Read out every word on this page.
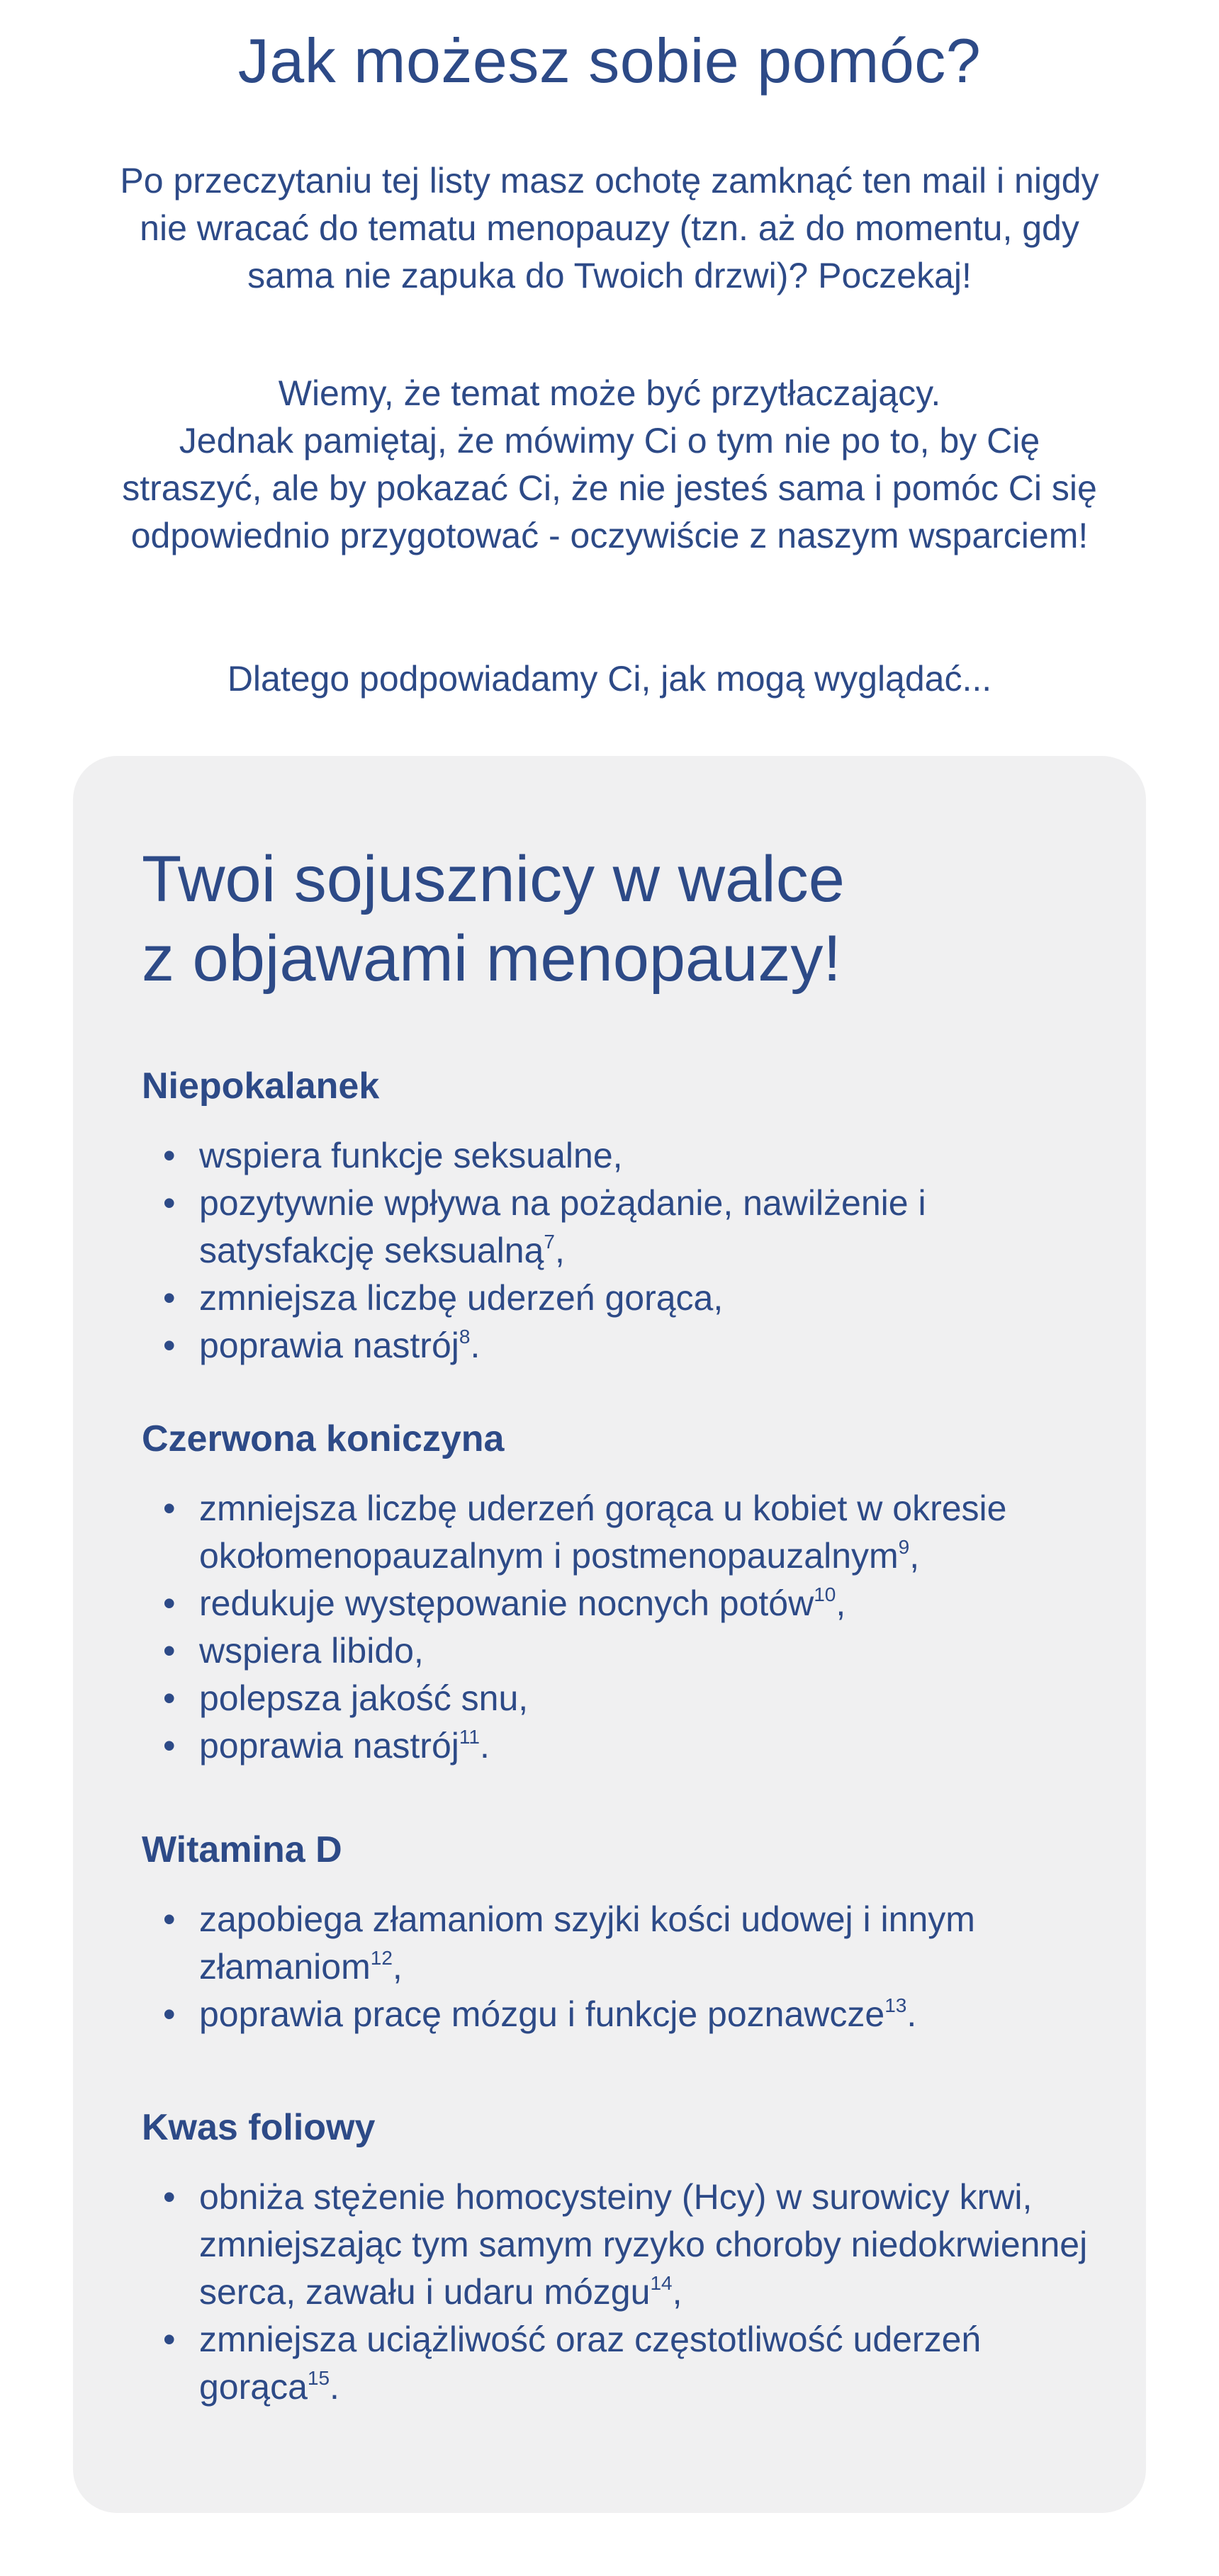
Jak możesz sobie pomóc?

Po przeczytaniu tej listy masz ochotę zamknąć ten mail i nigdy nie wracać do tematu menopauzy (tzn. aż do momentu, gdy sama nie zapuka do Twoich drzwi)? Poczekaj!

Wiemy, że temat może być przytłaczający.
Jednak pamiętaj, że mówimy Ci o tym nie po to, by Cię straszyć, ale by pokazać Ci, że nie jesteś sama i pomóc Ci się odpowiednio przygotować - oczywiście z naszym wsparciem!

Dlatego podpowiadamy Ci, jak mogą wyglądać...

Twoi sojusznicy w walce
z objawami menopauzy!
Niepokalanek
• wspiera funkcje seksualne,
• pozytywnie wpływa na pożądanie, nawilżenie i satysfakcję seksualną$^7$,
• zmniejsza liczbę uderzeń gorąca,
• poprawia nastrój$^8$.
Czerwona koniczyna
• zmniejsza liczbę uderzeń gorąca u kobiet w okresie okołomenopauzalnym i postmenopauzalnym$^9$,
• redukuje występowanie nocnych potów$^{10}$,
• wspiera libido,
• polepsza jakość snu,
• poprawia nastrój$^{11}$.
Witamina D
• zapobiega złamaniom szyjki kości udowej i innym złamaniom$^{12}$,
• poprawia pracę mózgu i funkcje poznawcze$^{13}$.
Kwas foliowy
• obniża stężenie homocysteiny (Hcy) w surowicy krwi, zmniejszając tym samym ryzyko choroby niedokrwiennej serca, zawału i udaru mózgu$^{14}$,
• zmniejsza uciążliwość oraz częstotliwość uderzeń gorąca$^{15}$.
